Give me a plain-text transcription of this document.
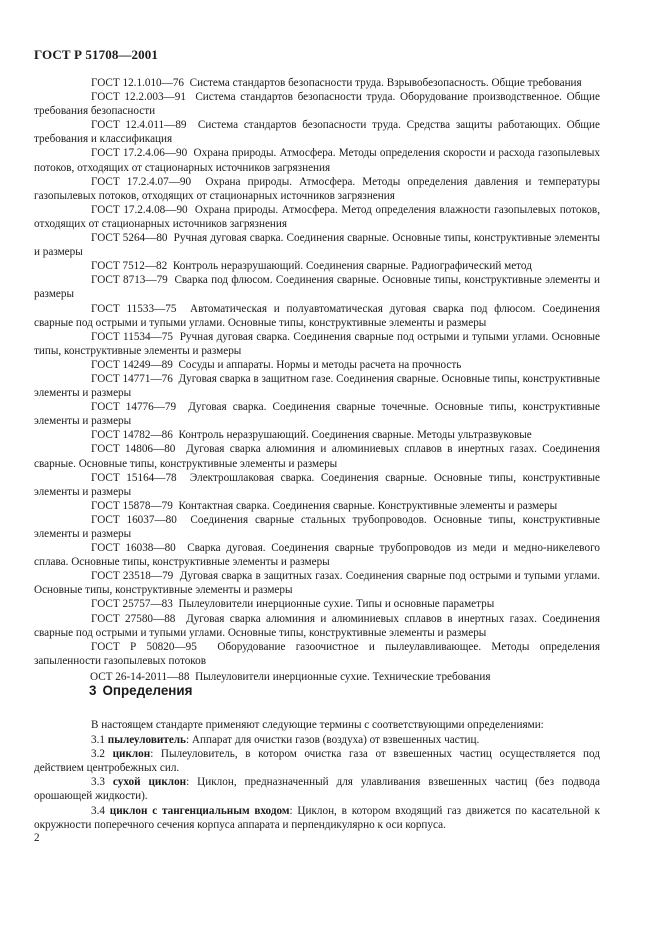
ГОСТ Р 51708—2001

ГОСТ 12.1.010—76 Система стандартов безопасности труда. Взрывобезопасность. Общие требования

ГОСТ 12.2.003—91 Система стандартов безопасности труда. Оборудование производственное. Общие требования безопасности

ГОСТ 12.4.011—89 Система стандартов безопасности труда. Средства защиты работающих. Общие требования и классификация

ГОСТ 17.2.4.06—90 Охрана природы. Атмосфера. Методы определения скорости и расхода газопылевых потоков, отходящих от стационарных источников загрязнения

ГОСТ 17.2.4.07—90 Охрана природы. Атмосфера. Методы определения давления и температуры газопылевых потоков, отходящих от стационарных источников загрязнения

ГОСТ 17.2.4.08—90 Охрана природы. Атмосфера. Метод определения влажности газопылевых потоков, отходящих от стационарных источников загрязнения

ГОСТ 5264—80 Ручная дуговая сварка. Соединения сварные. Основные типы, конструктивные элементы и размеры

ГОСТ 7512—82 Контроль неразрушающий. Соединения сварные. Радиографический метод

ГОСТ 8713—79 Сварка под флюсом. Соединения сварные. Основные типы, конструктивные элементы и размеры

ГОСТ 11533—75 Автоматическая и полуавтоматическая дуговая сварка под флюсом. Соединения сварные под острыми и тупыми углами. Основные типы, конструктивные элементы и размеры

ГОСТ 11534—75 Ручная дуговая сварка. Соединения сварные под острыми и тупыми углами. Основные типы, конструктивные элементы и размеры

ГОСТ 14249—89 Сосуды и аппараты. Нормы и методы расчета на прочность

ГОСТ 14771—76 Дуговая сварка в защитном газе. Соединения сварные. Основные типы, конструктивные элементы и размеры

ГОСТ 14776—79 Дуговая сварка. Соединения сварные точечные. Основные типы, конструктивные элементы и размеры

ГОСТ 14782—86 Контроль неразрушающий. Соединения сварные. Методы ультразвуковые

ГОСТ 14806—80 Дуговая сварка алюминия и алюминиевых сплавов в инертных газах. Соединения сварные. Основные типы, конструктивные элементы и размеры

ГОСТ 15164—78 Электрошлаковая сварка. Соединения сварные. Основные типы, конструктивные элементы и размеры

ГОСТ 15878—79 Контактная сварка. Соединения сварные. Конструктивные элементы и размеры

ГОСТ 16037—80 Соединения сварные стальных трубопроводов. Основные типы, конструктивные элементы и размеры

ГОСТ 16038—80 Сварка дуговая. Соединения сварные трубопроводов из меди и медно-никелевого сплава. Основные типы, конструктивные элементы и размеры

ГОСТ 23518—79 Дуговая сварка в защитных газах. Соединения сварные под острыми и тупыми углами. Основные типы, конструктивные элементы и размеры

ГОСТ 25757—83 Пылеуловители инерционные сухие. Типы и основные параметры

ГОСТ 27580—88 Дуговая сварка алюминия и алюминиевых сплавов в инертных газах. Соединения сварные под острыми и тупыми углами. Основные типы, конструктивные элементы и размеры

ГОСТ Р 50820—95 Оборудование газоочистное и пылеулавливающее. Методы определения запыленности газопылевых потоков

ОСТ 26-14-2011—88 Пылеуловители инерционные сухие. Технические требования

3 Определения

В настоящем стандарте применяют следующие термины с соответствующими определениями:

3.1 пылеуловитель: Аппарат для очистки газов (воздуха) от взвешенных частиц.

3.2 циклон: Пылеуловитель, в котором очистка газа от взвешенных частиц осуществляется под действием центробежных сил.

3.3 сухой циклон: Циклон, предназначенный для улавливания взвешенных частиц (без подвода орошающей жидкости).

3.4 циклон с тангенциальным входом: Циклон, в котором входящий газ движется по касательной к окружности поперечного сечения корпуса аппарата и перпендикулярно к оси корпуса.

2
